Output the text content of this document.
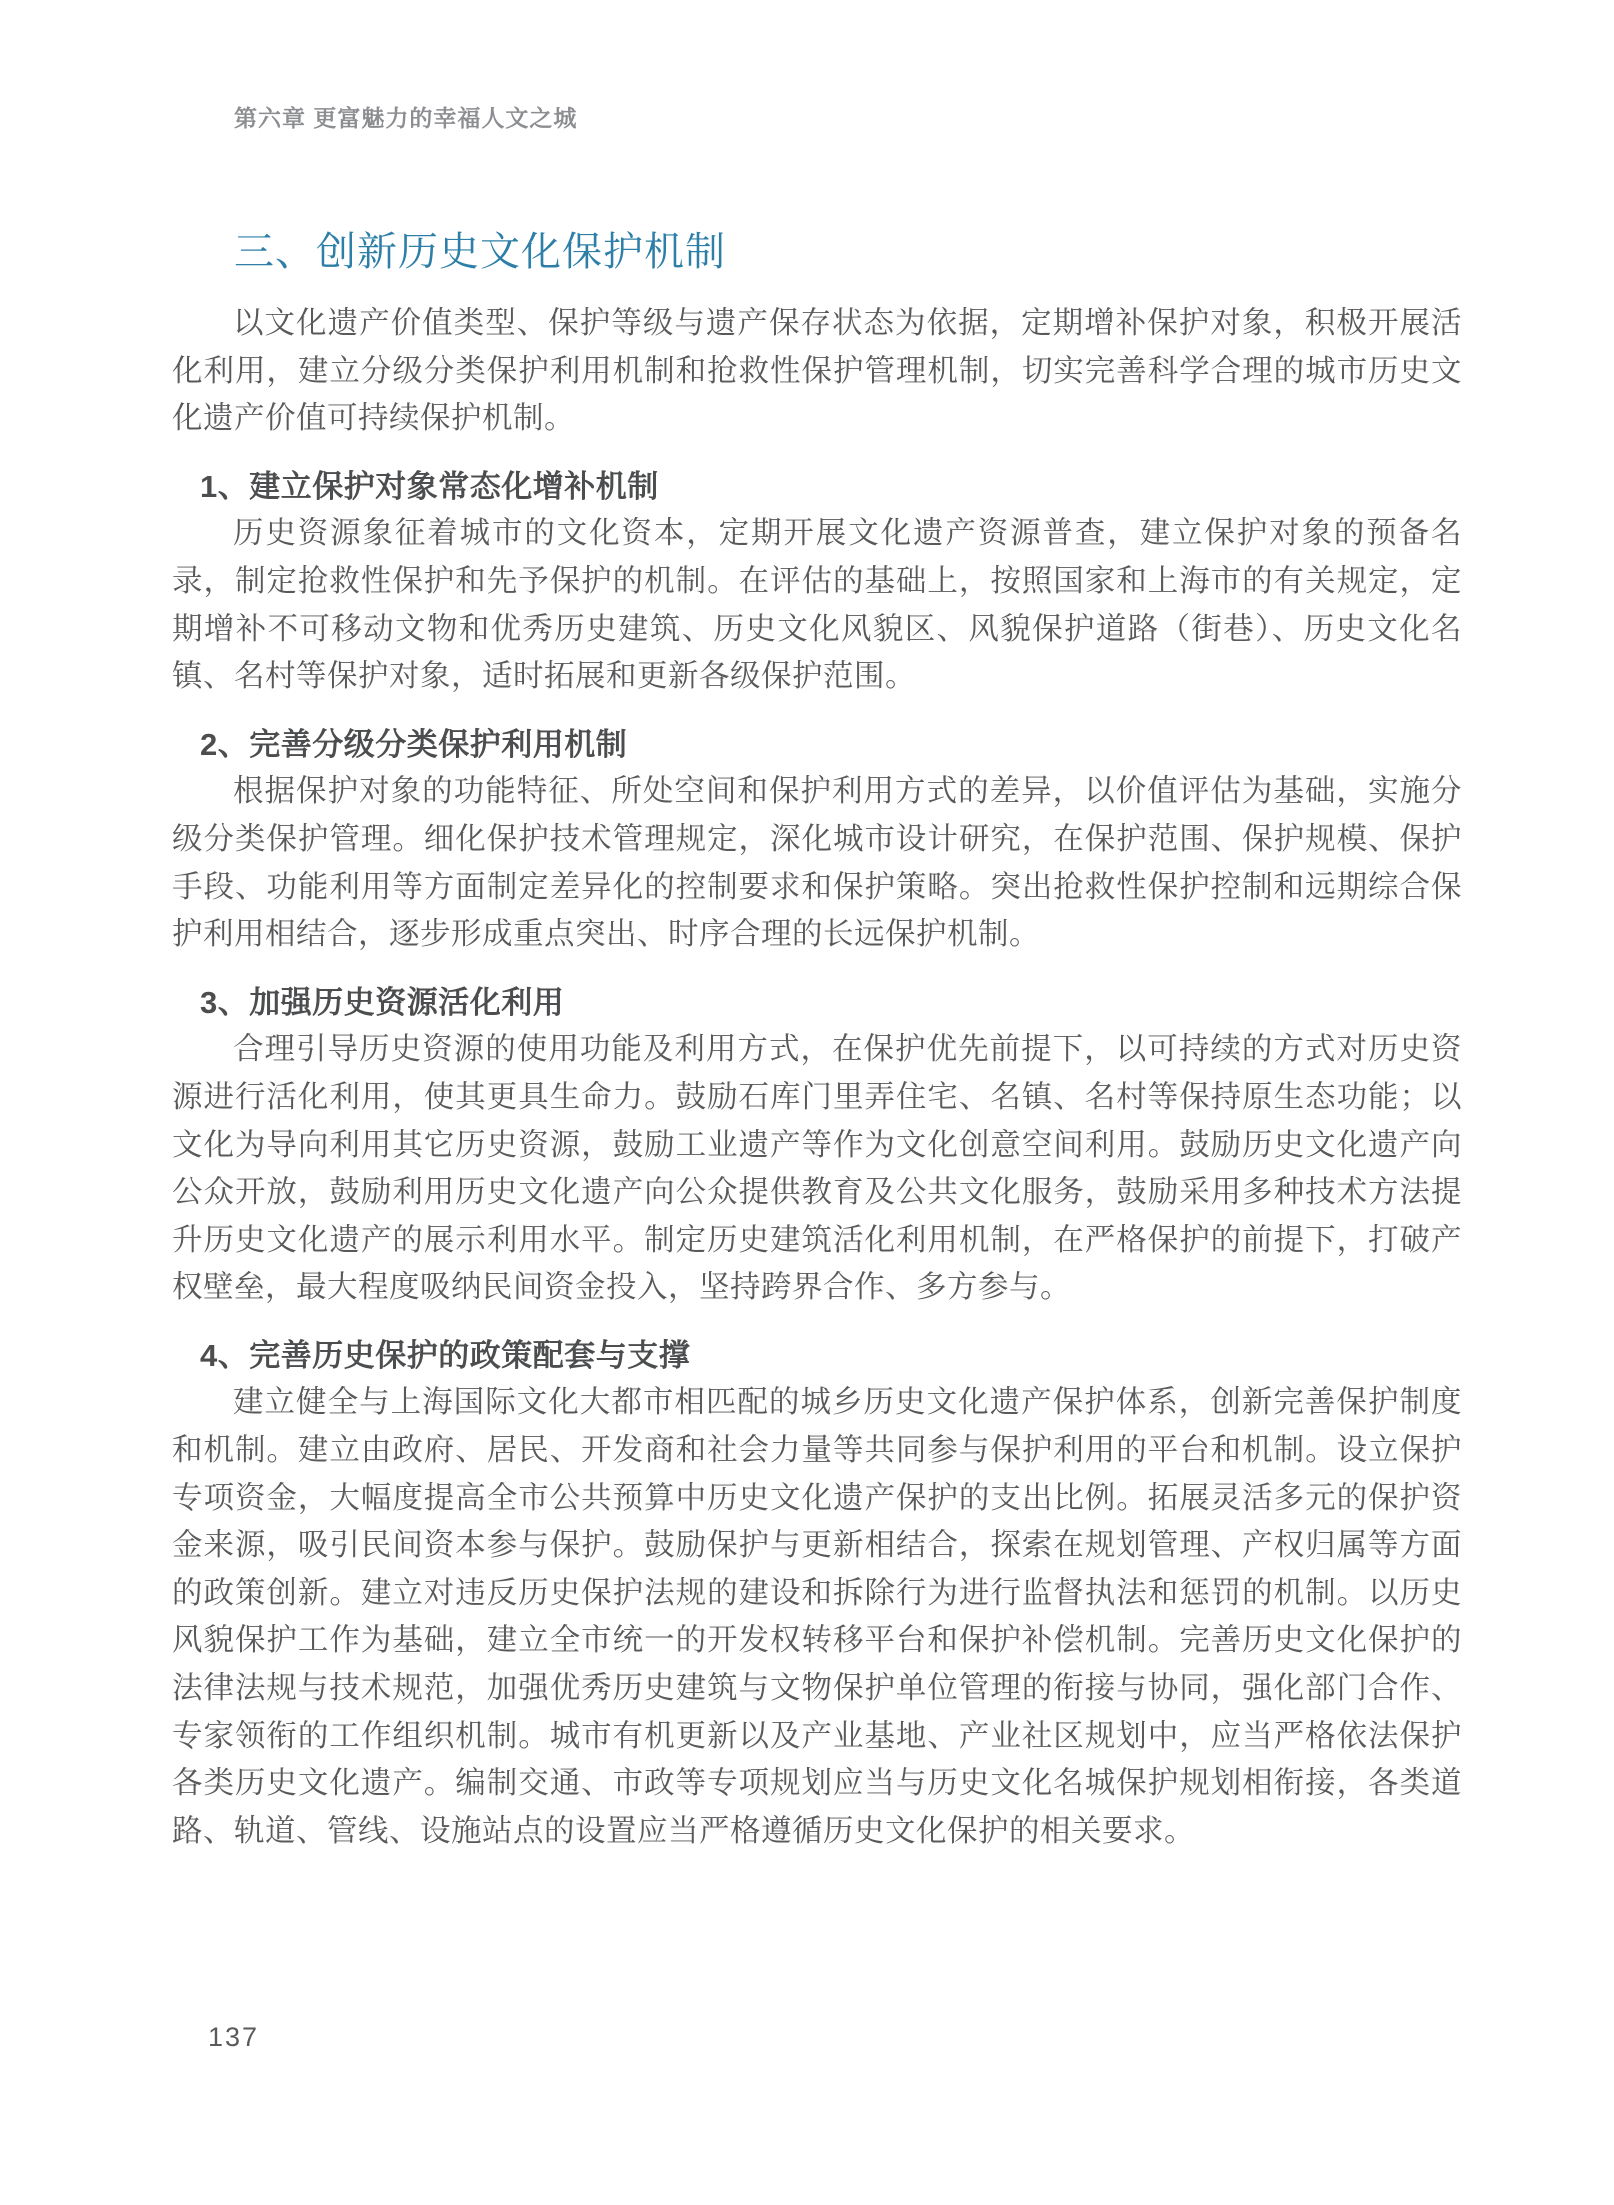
第六章 更富魅力的幸福人文之城
三、创新历史文化保护机制

以文化遗产价值类型、保护等级与遗产保存状态为依据，定期增补保护对象，积极开展活化利用，建立分级分类保护利用机制和抢救性保护管理机制，切实完善科学合理的城市历史文化遗产价值可持续保护机制。

1、建立保护对象常态化增补机制

历史资源象征着城市的文化资本，定期开展文化遗产资源普查，建立保护对象的预备名录，制定抢救性保护和先予保护的机制。在评估的基础上，按照国家和上海市的有关规定，定期增补不可移动文物和优秀历史建筑、历史文化风貌区、风貌保护道路（街巷）、历史文化名镇、名村等保护对象，适时拓展和更新各级保护范围。

2、完善分级分类保护利用机制

根据保护对象的功能特征、所处空间和保护利用方式的差异，以价值评估为基础，实施分级分类保护管理。细化保护技术管理规定，深化城市设计研究，在保护范围、保护规模、保护手段、功能利用等方面制定差异化的控制要求和保护策略。突出抢救性保护控制和远期综合保护利用相结合，逐步形成重点突出、时序合理的长远保护机制。

3、加强历史资源活化利用

合理引导历史资源的使用功能及利用方式，在保护优先前提下，以可持续的方式对历史资源进行活化利用，使其更具生命力。鼓励石库门里弄住宅、名镇、名村等保持原生态功能；以文化为导向利用其它历史资源，鼓励工业遗产等作为文化创意空间利用。鼓励历史文化遗产向公众开放，鼓励利用历史文化遗产向公众提供教育及公共文化服务，鼓励采用多种技术方法提升历史文化遗产的展示利用水平。制定历史建筑活化利用机制，在严格保护的前提下，打破产权壁垒，最大程度吸纳民间资金投入，坚持跨界合作、多方参与。

4、完善历史保护的政策配套与支撑

建立健全与上海国际文化大都市相匹配的城乡历史文化遗产保护体系，创新完善保护制度和机制。建立由政府、居民、开发商和社会力量等共同参与保护利用的平台和机制。设立保护专项资金，大幅度提高全市公共预算中历史文化遗产保护的支出比例。拓展灵活多元的保护资金来源，吸引民间资本参与保护。鼓励保护与更新相结合，探索在规划管理、产权归属等方面的政策创新。建立对违反历史保护法规的建设和拆除行为进行监督执法和惩罚的机制。以历史风貌保护工作为基础，建立全市统一的开发权转移平台和保护补偿机制。完善历史文化保护的法律法规与技术规范，加强优秀历史建筑与文物保护单位管理的衔接与协同，强化部门合作、专家领衔的工作组织机制。城市有机更新以及产业基地、产业社区规划中，应当严格依法保护各类历史文化遗产。编制交通、市政等专项规划应当与历史文化名城保护规划相衔接，各类道路、轨道、管线、设施站点的设置应当严格遵循历史文化保护的相关要求。

137
